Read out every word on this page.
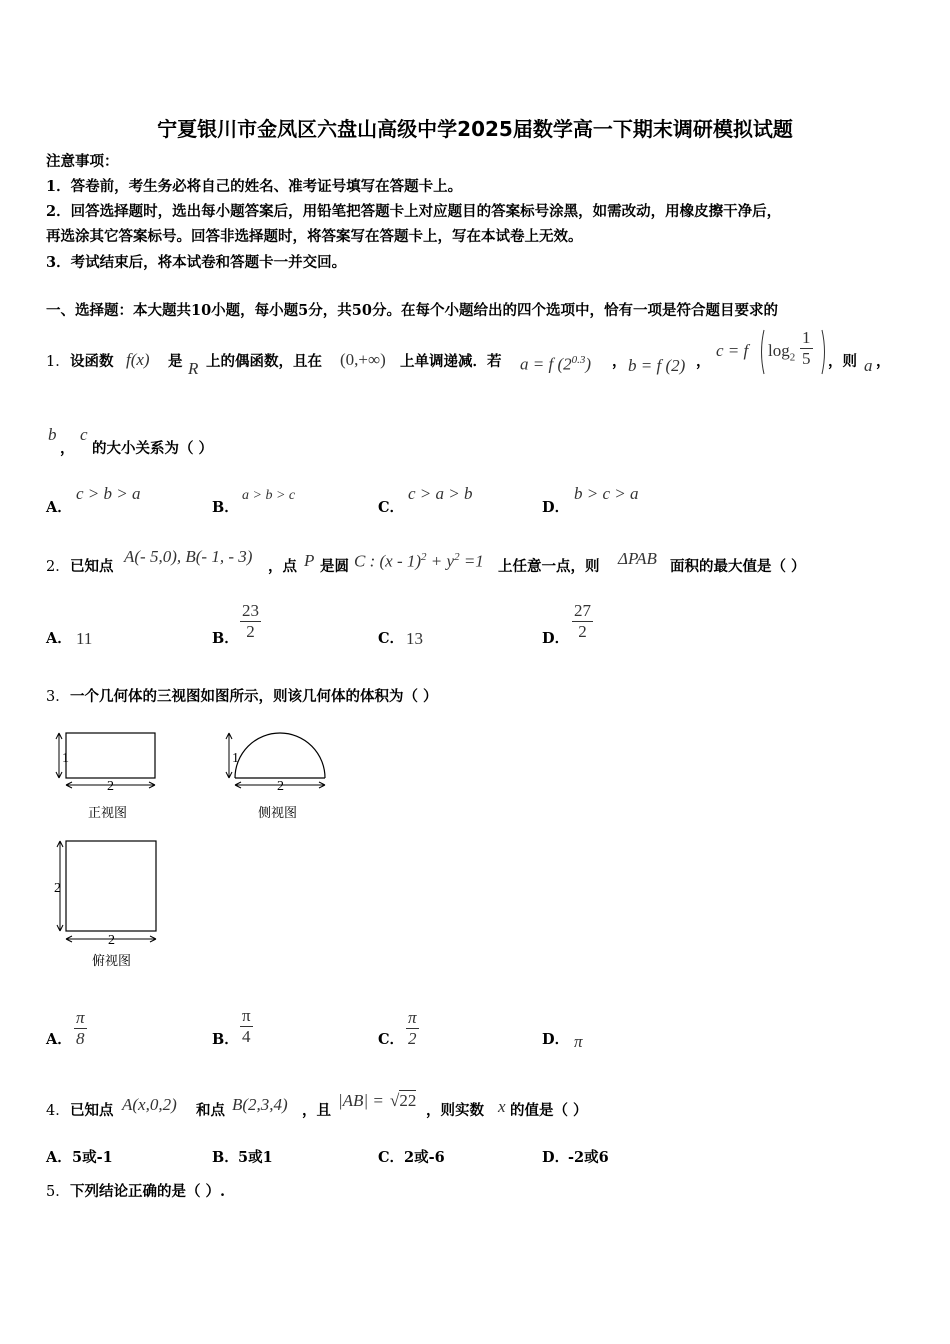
宁夏银川市金凤区六盘山高级中学2025届数学高一下期末调研模拟试题
注意事项：
1．答卷前，考生务必将自己的姓名、准考证号填写在答题卡上。
2．回答选择题时，选出每小题答案后，用铅笔把答题卡上对应题目的答案标号涂黑，如需改动，用橡皮擦干净后，
再选涂其它答案标号。回答非选择题时，将答案写在答题卡上，写在本试卷上无效。
3．考试结束后，将本试卷和答题卡一并交回。
一、选择题：本大题共10小题，每小题5分，共50分。在每个小题给出的四个选项中，恰有一项是符合题目要求的
1． 设函数 f(x) 是 R 上的偶函数，且在 (0,+∞) 上单调递减．若 a = f $(2^{0.3})$ ， b = f (2) ，
c = f $\log_2 \frac{1}{5}$ ，则 a ，
b
，
c
的大小关系为（ ）
A．
c > b > a
B．
a > b > c
C．
c > a > b
D．
b > c > a
2． 已知点
A(- 5,0), B(- 1, - 3)
，点 P 是圆 C : $(x - 1)^2 + y^2 =1$ 上任意一点，则 ΔPAB 面积的最大值是（ ）
A． 11	B． $\frac{23}{2}$	C． 13	D． $\frac{27}{2}$
3． 一个几何体的三视图如图所示，则该几何体的体积为（ ）
1
2
正视图
1
2
侧视图
2
2
俯视图
A． $\frac{\pi}{8}$	B． $\frac{\pi}{4}$	C． $\frac{\pi}{2}$	D． π
4． 已知点 A(x,0,2) 和点 B(2,3,4) ，且
|AB| = √22
，则实数 x 的值是（ ）
A． 5或-1	B． 5或1	C． 2或-6	D．
-2或6
5． 下列结论正确的是（ ）.
